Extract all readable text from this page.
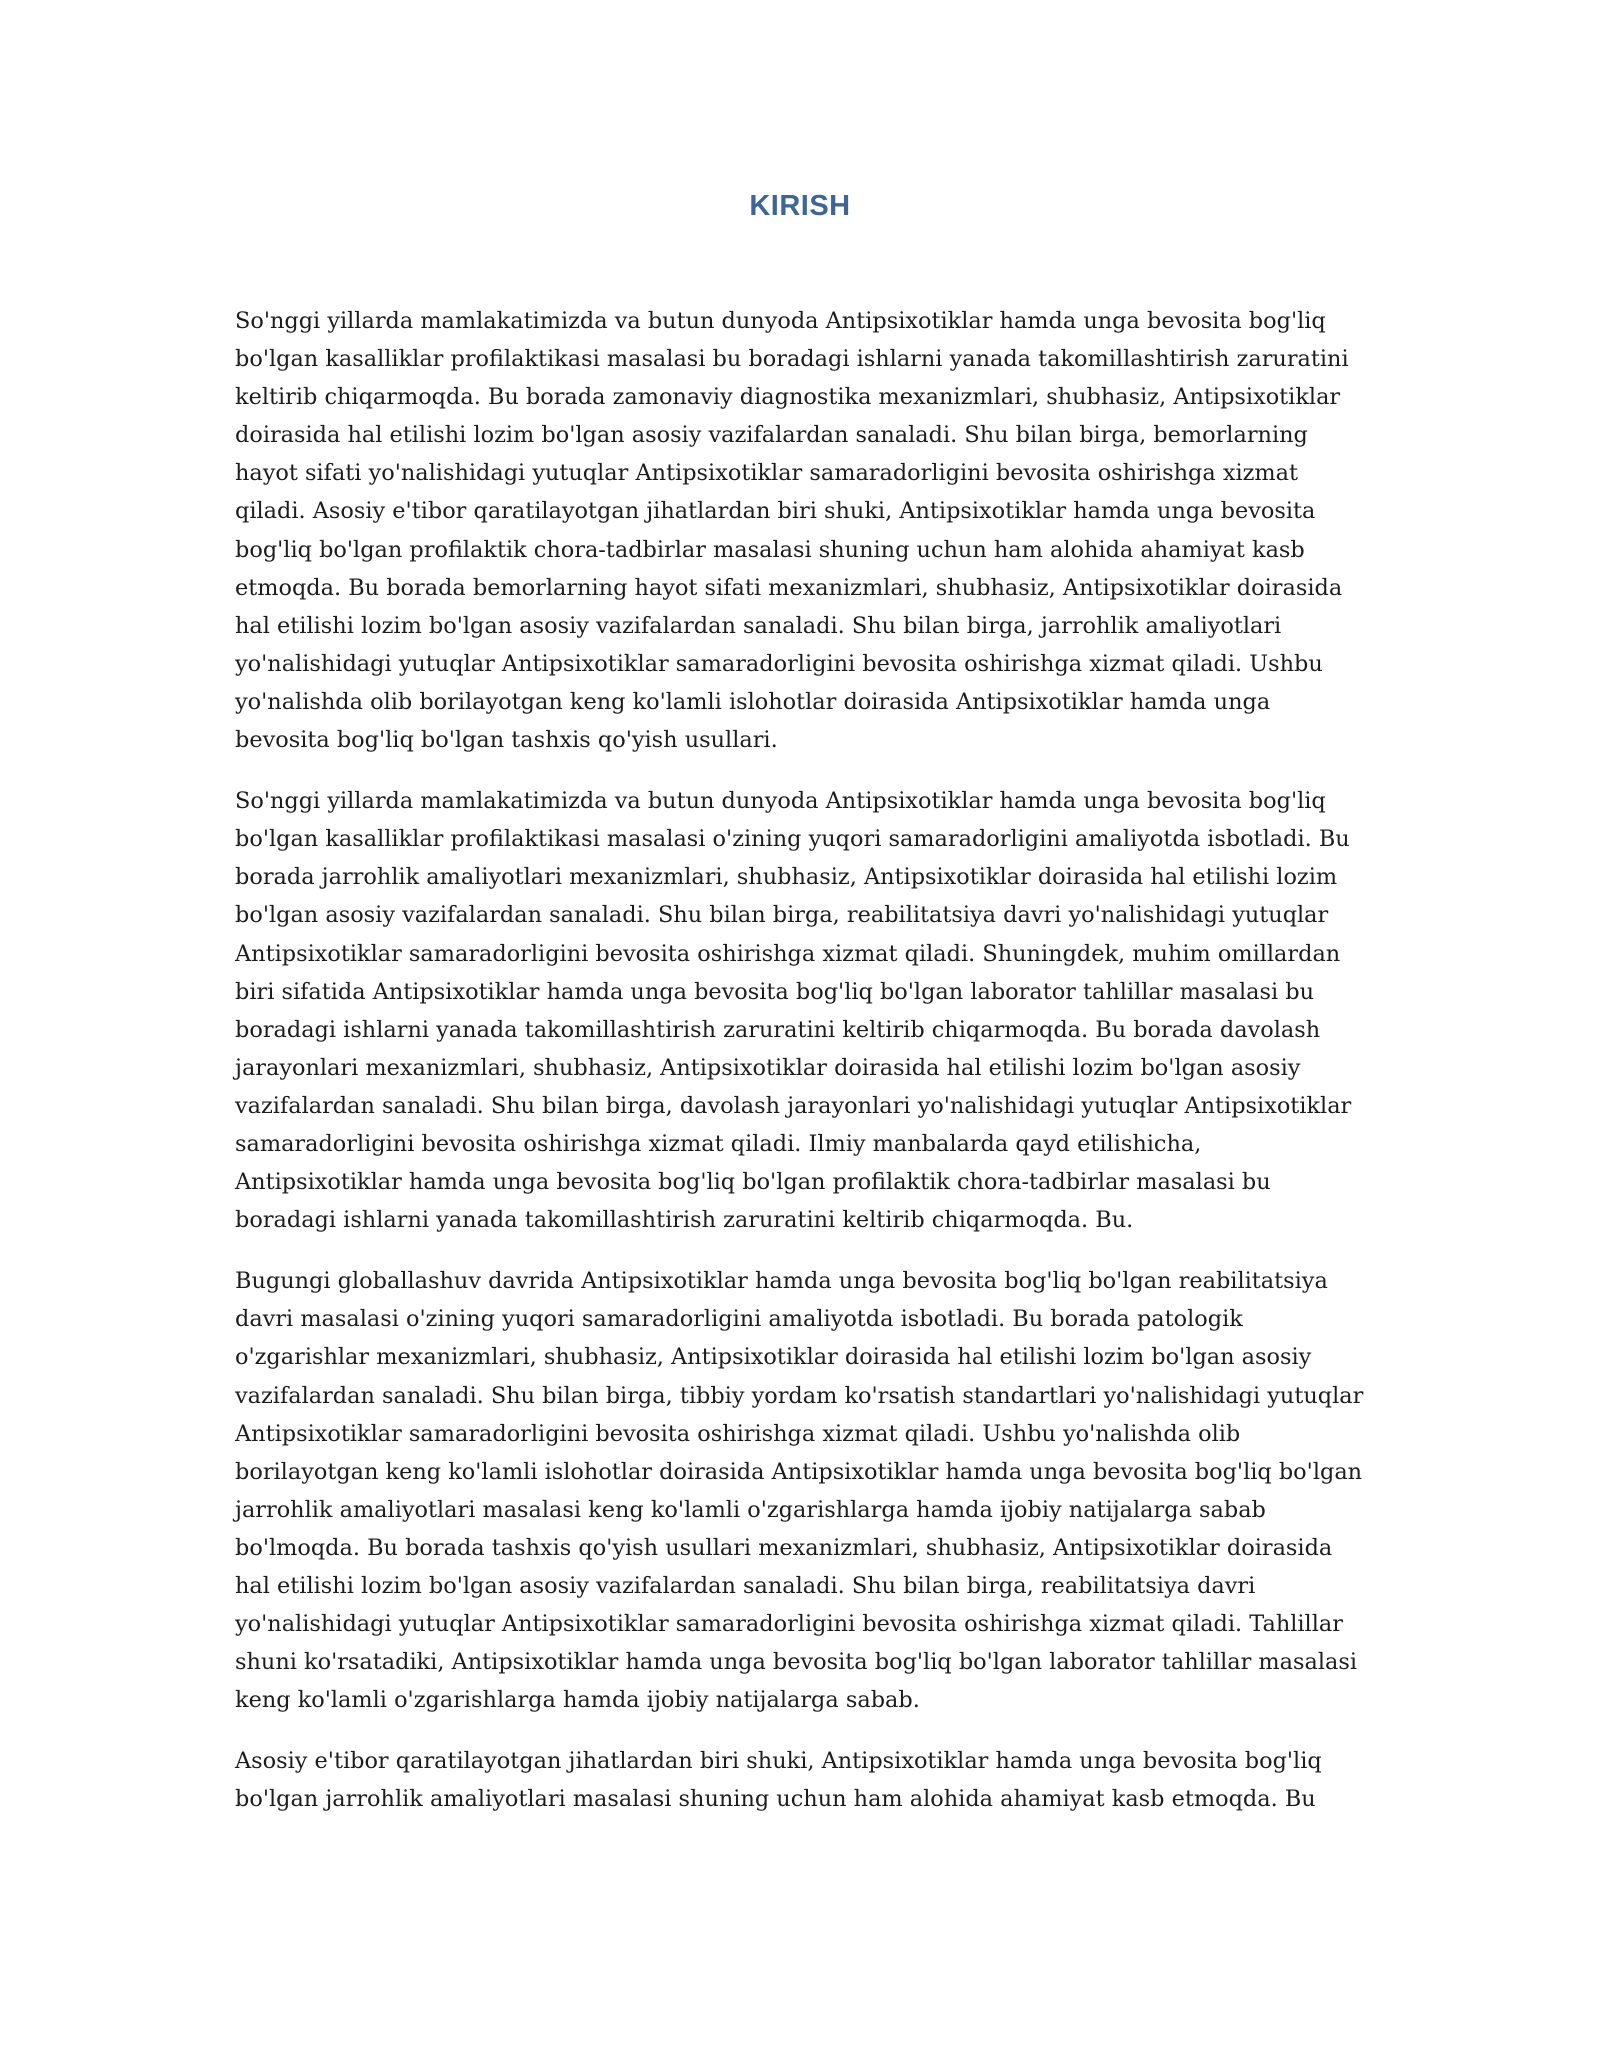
KIRISH

So'nggi yillarda mamlakatimizda va butun dunyoda Antipsixotiklar hamda unga bevosita bog'liq bo'lgan kasalliklar profilaktikasi masalasi bu boradagi ishlarni yanada takomillashtirish zaruratini keltirib chiqarmoqda. Bu borada zamonaviy diagnostika mexanizmlari, shubhasiz, Antipsixotiklar doirasida hal etilishi lozim bo'lgan asosiy vazifalardan sanaladi. Shu bilan birga, bemorlarning hayot sifati yo'nalishidagi yutuqlar Antipsixotiklar samaradorligini bevosita oshirishga xizmat qiladi. Asosiy e'tibor qaratilayotgan jihatlardan biri shuki, Antipsixotiklar hamda unga bevosita bog'liq bo'lgan profilaktik chora-tadbirlar masalasi shuning uchun ham alohida ahamiyat kasb etmoqda. Bu borada bemorlarning hayot sifati mexanizmlari, shubhasiz, Antipsixotiklar doirasida hal etilishi lozim bo'lgan asosiy vazifalardan sanaladi. Shu bilan birga, jarrohlik amaliyotlari yo'nalishidagi yutuqlar Antipsixotiklar samaradorligini bevosita oshirishga xizmat qiladi. Ushbu yo'nalishda olib borilayotgan keng ko'lamli islohotlar doirasida Antipsixotiklar hamda unga bevosita bog'liq bo'lgan tashxis qo'yish usullari.

So'nggi yillarda mamlakatimizda va butun dunyoda Antipsixotiklar hamda unga bevosita bog'liq bo'lgan kasalliklar profilaktikasi masalasi o'zining yuqori samaradorligini amaliyotda isbotladi. Bu borada jarrohlik amaliyotlari mexanizmlari, shubhasiz, Antipsixotiklar doirasida hal etilishi lozim bo'lgan asosiy vazifalardan sanaladi. Shu bilan birga, reabilitatsiya davri yo'nalishidagi yutuqlar Antipsixotiklar samaradorligini bevosita oshirishga xizmat qiladi. Shuningdek, muhim omillardan biri sifatida Antipsixotiklar hamda unga bevosita bog'liq bo'lgan laborator tahlillar masalasi bu boradagi ishlarni yanada takomillashtirish zaruratini keltirib chiqarmoqda. Bu borada davolash jarayonlari mexanizmlari, shubhasiz, Antipsixotiklar doirasida hal etilishi lozim bo'lgan asosiy vazifalardan sanaladi. Shu bilan birga, davolash jarayonlari yo'nalishidagi yutuqlar Antipsixotiklar samaradorligini bevosita oshirishga xizmat qiladi. Ilmiy manbalarda qayd etilishicha, Antipsixotiklar hamda unga bevosita bog'liq bo'lgan profilaktik chora-tadbirlar masalasi bu boradagi ishlarni yanada takomillashtirish zaruratini keltirib chiqarmoqda. Bu.

Bugungi globallashuv davrida Antipsixotiklar hamda unga bevosita bog'liq bo'lgan reabilitatsiya davri masalasi o'zining yuqori samaradorligini amaliyotda isbotladi. Bu borada patologik o'zgarishlar mexanizmlari, shubhasiz, Antipsixotiklar doirasida hal etilishi lozim bo'lgan asosiy vazifalardan sanaladi. Shu bilan birga, tibbiy yordam ko'rsatish standartlari yo'nalishidagi yutuqlar Antipsixotiklar samaradorligini bevosita oshirishga xizmat qiladi. Ushbu yo'nalishda olib borilayotgan keng ko'lamli islohotlar doirasida Antipsixotiklar hamda unga bevosita bog'liq bo'lgan jarrohlik amaliyotlari masalasi keng ko'lamli o'zgarishlarga hamda ijobiy natijalarga sabab bo'lmoqda. Bu borada tashxis qo'yish usullari mexanizmlari, shubhasiz, Antipsixotiklar doirasida hal etilishi lozim bo'lgan asosiy vazifalardan sanaladi. Shu bilan birga, reabilitatsiya davri yo'nalishidagi yutuqlar Antipsixotiklar samaradorligini bevosita oshirishga xizmat qiladi. Tahlillar shuni ko'rsatadiki, Antipsixotiklar hamda unga bevosita bog'liq bo'lgan laborator tahlillar masalasi keng ko'lamli o'zgarishlarga hamda ijobiy natijalarga sabab.

Asosiy e'tibor qaratilayotgan jihatlardan biri shuki, Antipsixotiklar hamda unga bevosita bog'liq bo'lgan jarrohlik amaliyotlari masalasi shuning uchun ham alohida ahamiyat kasb etmoqda. Bu
